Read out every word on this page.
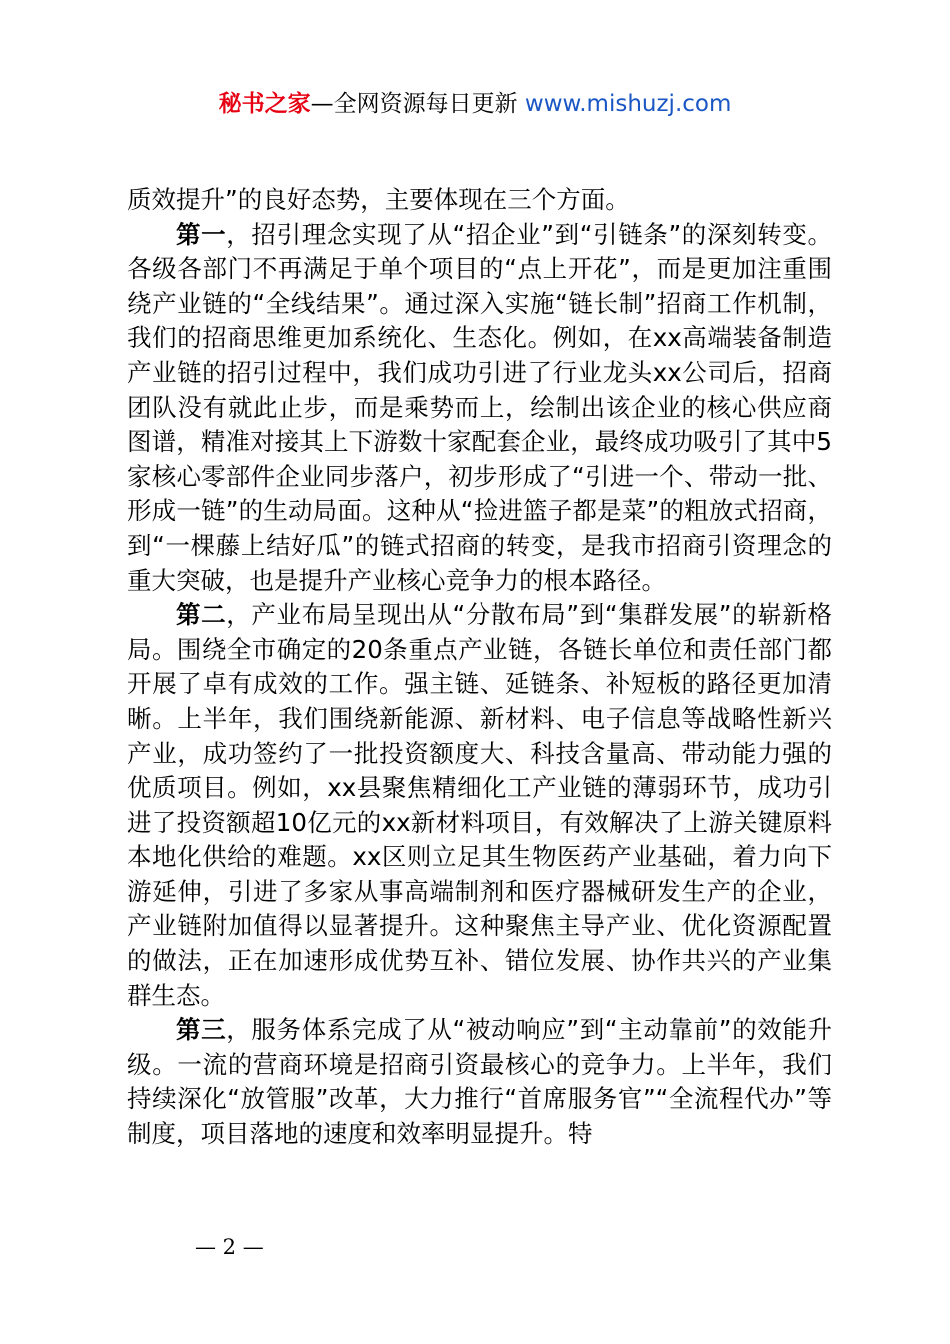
秘书之家—全网资源每日更新 www.mishuzj.com

质效提升”的良好态势，主要体现在三个方面。

第一，招引理念实现了从“招企业”到“引链条”的深刻转变。各级各部门不再满足于单个项目的“点上开花”，而是更加注重围绕产业链的“全线结果”。通过深入实施“链长制”招商工作机制，我们的招商思维更加系统化、生态化。例如，在xx高端装备制造产业链的招引过程中，我们成功引进了行业龙头xx公司后，招商团队没有就此止步，而是乘势而上，绘制出该企业的核心供应商图谱，精准对接其上下游数十家配套企业，最终成功吸引了其中5家核心零部件企业同步落户，初步形成了“引进一个、带动一批、形成一链”的生动局面。这种从“捡进篮子都是菜”的粗放式招商，到“一棵藤上结好瓜”的链式招商的转变，是我市招商引资理念的重大突破，也是提升产业核心竞争力的根本路径。

第二，产业布局呈现出从“分散布局”到“集群发展”的崭新格局。围绕全市确定的20条重点产业链，各链长单位和责任部门都开展了卓有成效的工作。强主链、延链条、补短板的路径更加清晰。上半年，我们围绕新能源、新材料、电子信息等战略性新兴产业，成功签约了一批投资额度大、科技含量高、带动能力强的优质项目。例如，xx县聚焦精细化工产业链的薄弱环节，成功引进了投资额超10亿元的xx新材料项目，有效解决了上游关键原料本地化供给的难题。xx区则立足其生物医药产业基础，着力向下游延伸，引进了多家从事高端制剂和医疗器械研发生产的企业，产业链附加值得以显著提升。这种聚焦主导产业、优化资源配置的做法，正在加速形成优势互补、错位发展、协作共兴的产业集群生态。

第三，服务体系完成了从“被动响应”到“主动靠前”的效能升级。一流的营商环境是招商引资最核心的竞争力。上半年，我们持续深化“放管服”改革，大力推行“首席服务官”“全流程代办”等制度，项目落地的速度和效率明显提升。特

— 2 —
